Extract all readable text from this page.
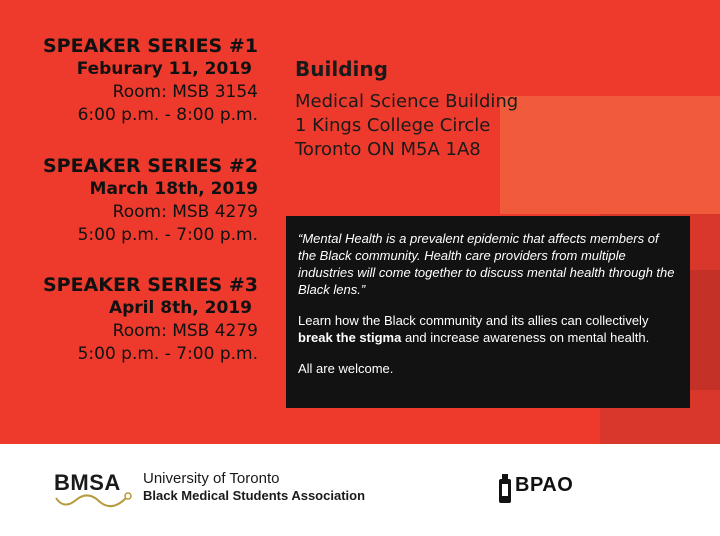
SPEAKER SERIES #1
Feburary 11, 2019
Room: MSB 3154
6:00 p.m. - 8:00 p.m.
SPEAKER SERIES #2
March 18th, 2019
Room: MSB 4279
5:00 p.m. - 7:00 p.m.
SPEAKER SERIES #3
April 8th, 2019
Room: MSB 4279
5:00 p.m. - 7:00 p.m.
Building
Medical Science Building
1 Kings College Circle
Toronto ON M5A 1A8

“Mental Health is a prevalent epidemic that affects members of the Black community. Health care providers from multiple industries will come together to discuss mental health through the Black lens.”

Learn how the Black community and its allies can collectively break the stigma and increase awareness on mental health.

All are welcome.

BMSA University of Toronto
Black Medical Students Association	BPAO
